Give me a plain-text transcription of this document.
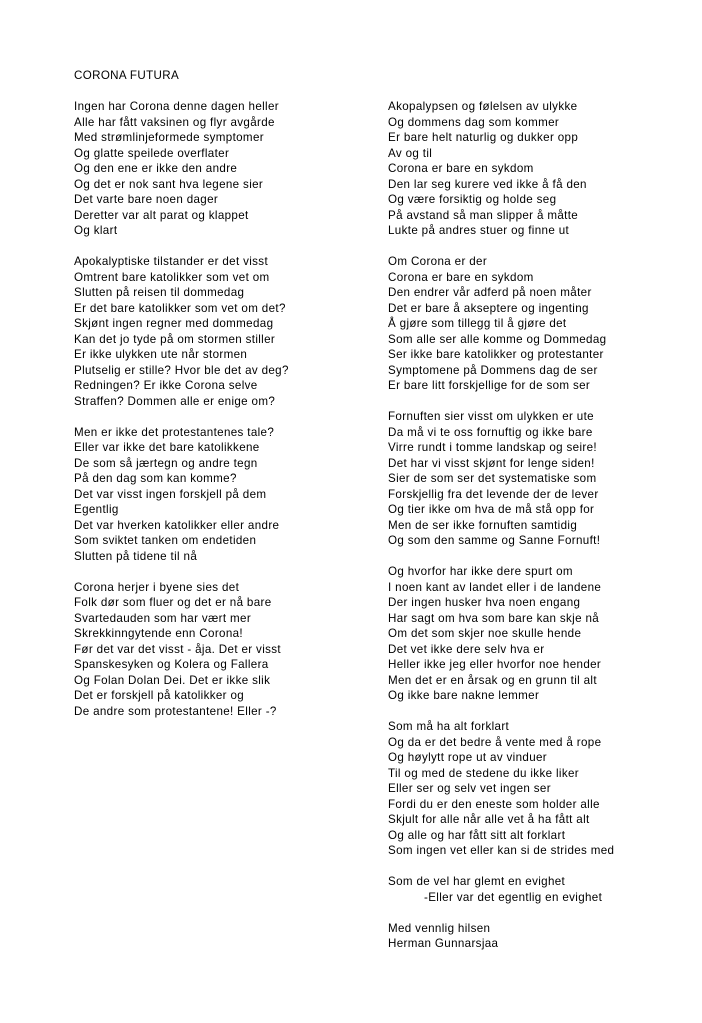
CORONA FUTURA
Ingen har Corona denne dagen heller
Alle har fått vaksinen og flyr avgårde
Med strømlinjeformede symptomer
Og glatte speilede overflater
Og den ene er ikke den andre
Og det er nok sant hva legene sier
Det varte bare noen dager
Deretter var alt parat og klappet
Og klart
Apokalyptiske tilstander er det visst
Omtrent bare katolikker som vet om
Slutten på reisen til dommedag
Er det bare katolikker som vet om det?
Skjønt ingen regner med dommedag
Kan det jo tyde på om stormen stiller
Er ikke ulykken ute når stormen
Plutselig er stille? Hvor ble det av deg?
Redningen? Er ikke Corona selve
Straffen? Dommen alle er enige om?
Men er ikke det protestantenes tale?
Eller var ikke det bare katolikkene
De som så jærtegn og andre tegn
På den dag som kan komme?
Det var visst ingen forskjell på dem
Egentlig
Det var hverken katolikker eller andre
Som sviktet tanken om endetiden
Slutten på tidene til nå
Corona herjer i byene sies det
Folk dør som fluer og det er nå bare
Svartedauden som har vært mer
Skrekkinngytende enn Corona!
Før det var det visst - åja. Det er visst
Spanskesyken og Kolera og Fallera
Og Folan Dolan Dei. Det er ikke slik
Det er forskjell på katolikker og
De andre som protestantene! Eller -?
Akopalypsen og følelsen av ulykke
Og dommens dag som kommer
Er bare helt naturlig og dukker opp
Av og til
Corona er bare en sykdom
Den lar seg kurere ved ikke å få den
Og være forsiktig og holde seg
På avstand så man slipper å måtte
Lukte på andres stuer og finne ut
Om Corona er der
Corona er bare en sykdom
Den endrer vår adferd på noen måter
Det er bare å akseptere og ingenting
Å gjøre som tillegg til å gjøre det
Som alle ser alle komme og Dommedag
Ser ikke bare katolikker og protestanter
Symptomene på Dommens dag de ser
Er bare litt forskjellige for de som ser
Fornuften sier visst om ulykken er ute
Da må vi te oss fornuftig og ikke bare
Virre rundt i tomme landskap og seire!
Det har vi visst skjønt for lenge siden!
Sier de som ser det systematiske som
Forskjellig fra det levende der de lever
Og tier ikke om hva de må stå opp for
Men de ser ikke fornuften samtidig
Og som den samme og Sanne Fornuft!
Og hvorfor har ikke dere spurt om
I noen kant av landet eller i de landene
Der ingen husker hva noen engang
Har sagt om hva som bare kan skje nå
Om det som skjer noe skulle hende
Det vet ikke dere selv hva er
Heller ikke jeg eller hvorfor noe hender
Men det er en årsak og en grunn til alt
Og ikke bare nakne lemmer
Som må ha alt forklart
Og da er det bedre å vente med å rope
Og høylytt rope ut av vinduer
Til og med de stedene du ikke liker
Eller ser og selv vet ingen ser
Fordi du er den eneste som holder alle
Skjult for alle når alle vet å ha fått alt
Og alle og har fått sitt alt forklart
Som ingen vet eller kan si de strides med
Som de vel har glemt en evighet
-Eller var det egentlig en evighet
Med vennlig hilsen
Herman Gunnarsjaa
